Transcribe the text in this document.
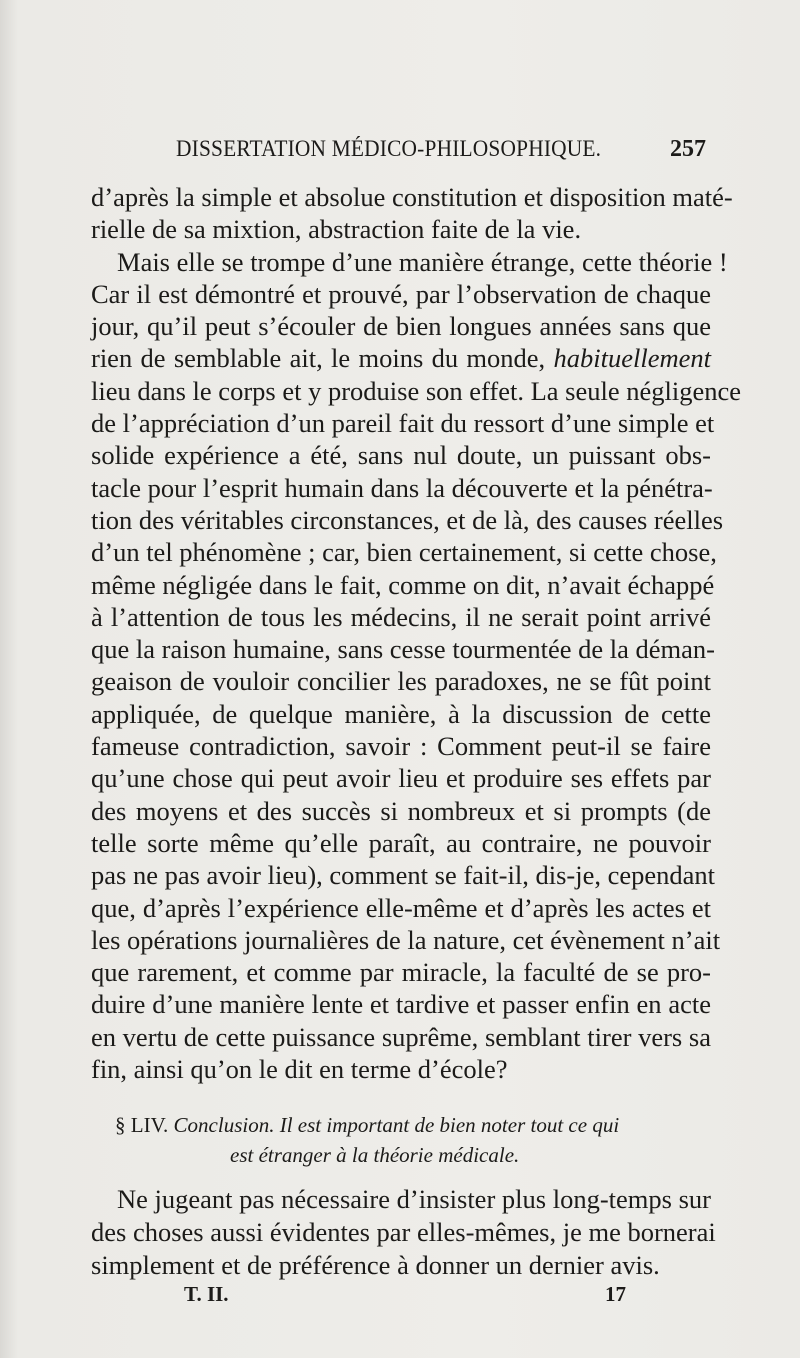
DISSERTATION MÉDICO-PHILOSOPHIQUE.	257
d’après la simple et absolue constitution et disposition maté-
rielle de sa mixtion, abstraction faite de la vie.
Mais elle se trompe d’une manière étrange, cette théorie !
Car il est démontré et prouvé, par l’observation de chaque
jour, qu’il peut s’écouler de bien longues années sans que
rien de semblable ait, le moins du monde, habituellement
lieu dans le corps et y produise son effet. La seule négligence
de l’appréciation d’un pareil fait du ressort d’une simple et
solide expérience a été, sans nul doute, un puissant obs-
tacle pour l’esprit humain dans la découverte et la pénétra-
tion des véritables circonstances, et de là, des causes réelles
d’un tel phénomène ; car, bien certainement, si cette chose,
même négligée dans le fait, comme on dit, n’avait échappé
à l’attention de tous les médecins, il ne serait point arrivé
que la raison humaine, sans cesse tourmentée de la déman-
geaison de vouloir concilier les paradoxes, ne se fût point
appliquée, de quelque manière, à la discussion de cette
fameuse contradiction, savoir : Comment peut-il se faire
qu’une chose qui peut avoir lieu et produire ses effets par
des moyens et des succès si nombreux et si prompts (de
telle sorte même qu’elle paraît, au contraire, ne pouvoir
pas ne pas avoir lieu), comment se fait-il, dis-je, cependant
que, d’après l’expérience elle-même et d’après les actes et
les opérations journalières de la nature, cet évènement n’ait
que rarement, et comme par miracle, la faculté de se pro-
duire d’une manière lente et tardive et passer enfin en acte
en vertu de cette puissance suprême, semblant tirer vers sa
fin, ainsi qu’on le dit en terme d’école?
§ LIV. Conclusion. Il est important de bien noter tout ce qui
est étranger à la théorie médicale.
Ne jugeant pas nécessaire d’insister plus long-temps sur
des choses aussi évidentes par elles-mêmes, je me bornerai
simplement et de préférence à donner un dernier avis.
T. II.	17
